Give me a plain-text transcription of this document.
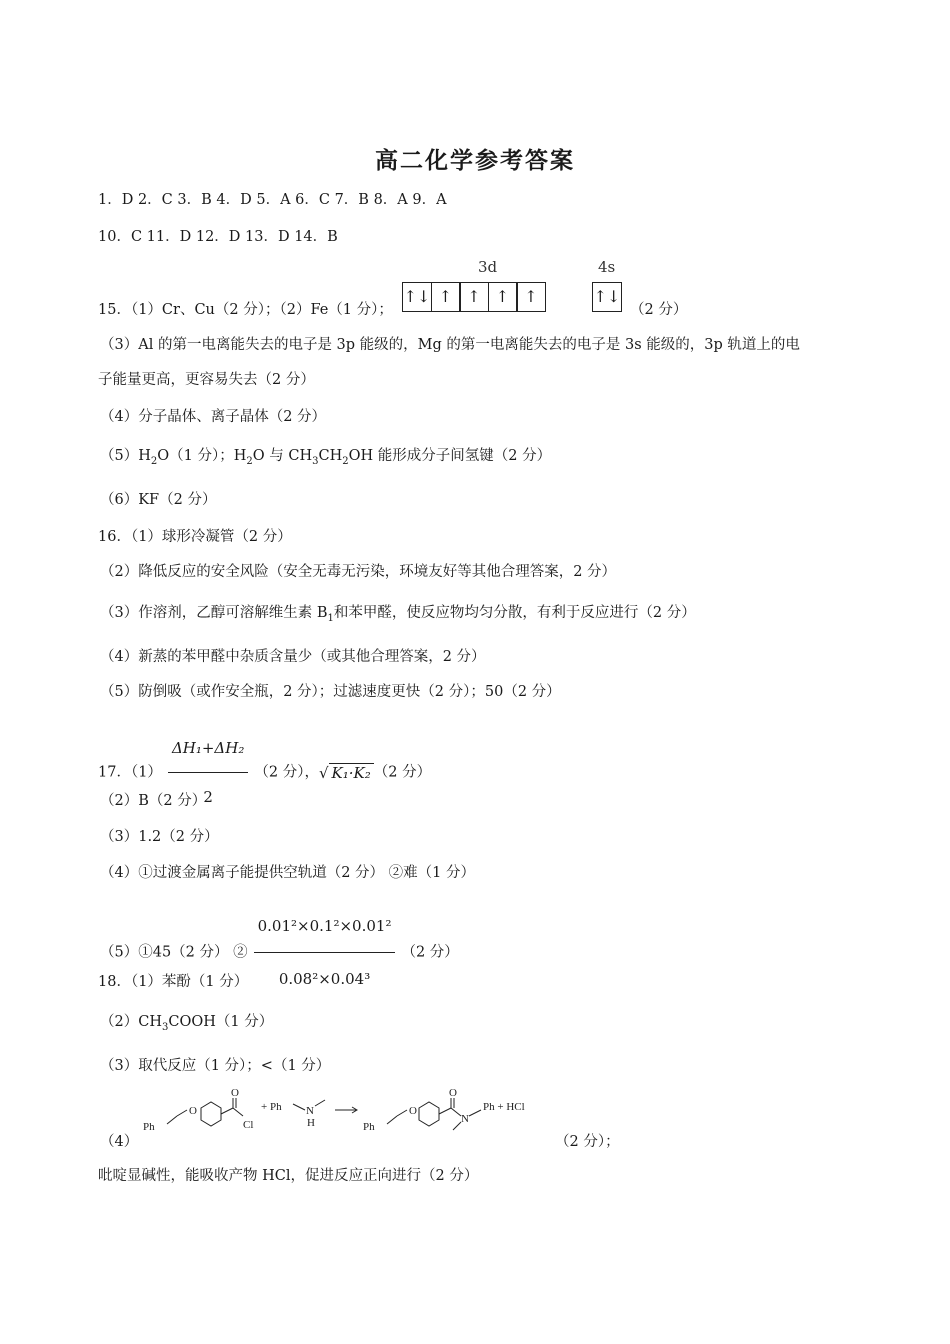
高二化学参考答案
1．D 2．C 3．B 4．D 5．A 6．C 7．B 8．A 9．A
10．C 11．D 12．D 13．D 14．B
3d	4s
15．（1）Cr、Cu（2 分）；（2）Fe（1 分）；
↑↓ ↑ ↑ ↑ ↑	↑↓
（2 分）
（3）Al 的第一电离能失去的电子是 3p 能级的，Mg 的第一电离能失去的电子是 3s 能级的，3p 轨道上的电
子能量更高，更容易失去（2 分）
（4）分子晶体、离子晶体（2 分）
$(5)H_2O(1$ 分）；$H_2O$ 与 $CH_3CH_2OH$ 能形成分子间氢键（2 分）
（6）KF（2 分）
16．（1）球形冷凝管（2 分）
（2）降低反应的安全风险（安全无毒无污染，环境友好等其他合理答案，2 分）
（3）作溶剂，乙醇可溶解维生素 $B_1$和苯甲醛，使反应物均匀分散，有利于反应进行（2 分）
（4）新蒸的苯甲醛中杂质含量少（或其他合理答案，2 分）
（5）防倒吸（或作安全瓶，2 分）；过滤速度更快（2 分）；50（2 分）
17．$(1) \frac{\text{ΔH₁+ΔH₂}}{2} (2$ 分），√ K₁·K₂ （2 分）
（2）B（2 分）
（3）1.2（2 分）
（4）①过渡金属离子能提供空轨道（2 分） ②难（1 分）
（5）①45（2 分） ② $\frac{\text{0.01²×0.1²×0.01²}}{\text{0.08²×0.04³}} (2$ 分）
18．（1）苯酚（1 分）
$(2)CH_3COOH(1$ 分）
（3）取代反应（1 分）；<（1 分）
（4）
O
O
Ph	Cl
+ Ph N
H	Ph
O
O
N
Ph + HCl
（2 分）；
吡啶显碱性，能吸收产物 HCl，促进反应正向进行（2 分）
